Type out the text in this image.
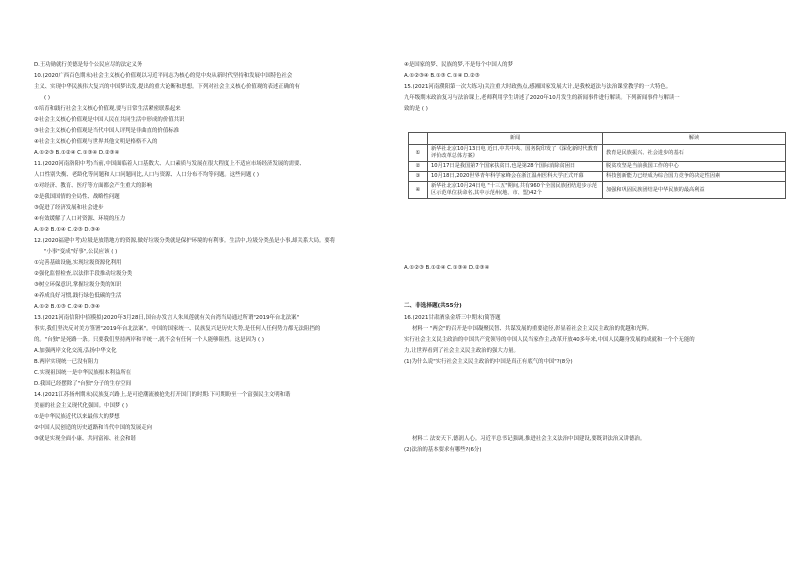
D.王功勋就行美德是每个公民应尽的法定义务
10.(2020广西百色期末)社会主义核心价值观以习近平同志为核心的党中央从新时代坚持和发展中国特色社会
主义、实现中华民族伟大复兴的中国梦出发,提出的重大论断和思想。下列对社会主义核心价值观的表述正确的有
( )
①培育和践行社会主义核心价值观,要与日常生活紧密联系起来
②社会主义核心价值观是中国人民在共同生活中形成的价值共识
③社会主义核心价值观是当代中国人评判是非曲直的价值标准
④社会主义核心价值观与世界其他文明是格格不入的
A.①②③ B.①②④ C.①③④ D.②③④
11.(2020河南洛阳中考)当前,中国面临着人口基数大、人口素质与发展在很大程度上不适应市场经济发展的需要、
人口性别失衡、老龄化等问题和人口问题同比,人口与资源、人口分布不均等问题。这些问题 ( )
①对经济、教育、医疗等方面都会产生重大的影响
②是我国国情的全局性、战略性问题
③促进了经济发展和社会进步
④有效缓解了人口对资源、环境的压力
A.①② B.①④ C.②③ D.③④
12.(2020福建中考)垃圾是放错地方的资源,做好垃圾分类就是保护环境的有利事。生活中,垃圾分类虽是小事,却关系大局。要将
"小事"变成"好事",公民应该 ( )
①完善基础设施,实现垃圾资源化利用
②强化监督检查,以法律手段推动垃圾分类
③树立环保意识,掌握垃圾分类的知识
④养成良好习惯,践行绿色低碳的生活
A.①② B.①③ C.②④ D.③④
13.(2021河南信阳中招模拟)2020年3月28日,国台办发言人朱凤莲就有关台湾当局通过所谓"2019年台北法案"
事实,我们坚决反对美方签署"2019年台北法案"。中国的国家统一、民族复兴是历史大势,是任何人任何势力都无法阻挡的
的。"台独"是死路一条。只要我们坚持两岸和平统一,就不会有任何一个人能够阻挡。这是因为 ( )
A.加强两岸文化交流,弘扬中华文化
B.两岸实现统一已没有阻力
C.实现祖国统一是中华民族根本利益所在
D.我国已经摆除了"台独"分子的生存空间
14.(2021江苏扬州期末)民族复兴路上,是可逆潮流被抢先打开国门的时期:下可期盼至一个富强民主文明和谐
美丽的社会主义现代化强国。中国梦 ( )
①是中华民族近代以来最伟大的梦想
②中国人民创造的历史道路和当代中国的发展走向
③就是实现全面小康、共同富裕、社会和谐
④是国家的梦、民族的梦,不是每个中国人的梦
A.①②③④ B.①③ C.①④ D.②③
15.(2021河南濮阳第一次大练习)关注重大时政热点,感湘国家发展大计,是我校道法与法治课堂教学的一大特色。
九年级期末政治复习与法治课上,老师利用学生讲述了2020年10月发生的新闻事件进行解读。下列新闻事件与解读一
致的是 ( )
A.①②③ B.①②④ C.①③④ D.②③④
16.(2021甘肃酒泉金塔三中期末)简答题
材料一 "两会"的召开是中国凝聚民智、共谋发展的重要途径,彰显着社会主义民主政治的优越和光辉。
实行社会主义民主政治的中国共产党领导的中国人民当家作主,改革开放40多年来,中国人民翻身发展的成就和一个个无能的
力,让世界看到了社会主义民主政治的强大力量。
(1)为什么说"实行社会主义民主政治的中国是真正有底气的中国"?(8分)
材料二 法安天下,德润人心。习近平总书记强调,推进社会主义法治中国建设,要既讲法治又讲德治。
(2)法治的基本要求有哪些?(6分)
	新闻	解读
①	新华社北京10月13日电 近日,中共中央、国务院印发了《深化新时代教育评价改革总体方案》	教育是民族振兴、社会进步的基石
②	10月17日是我国第7个国家扶贫日,也是第28个国际消除贫困日	脱贫攻坚是当前我国工作的中心
③	10月18日,2020世界青年科学家峰会在浙江温州医科大学正式开幕	科技创新能力已经成为综合国力竞争的决定性因素
④	新华社北京10月24日电 "十三五"期间,共有960个全国民族团结进步示范区示范单位获命名,其中示范州(地、市、盟)42个	加强和巩固民族团结是中华民族的最高利益
二、非选择题(共55分)
